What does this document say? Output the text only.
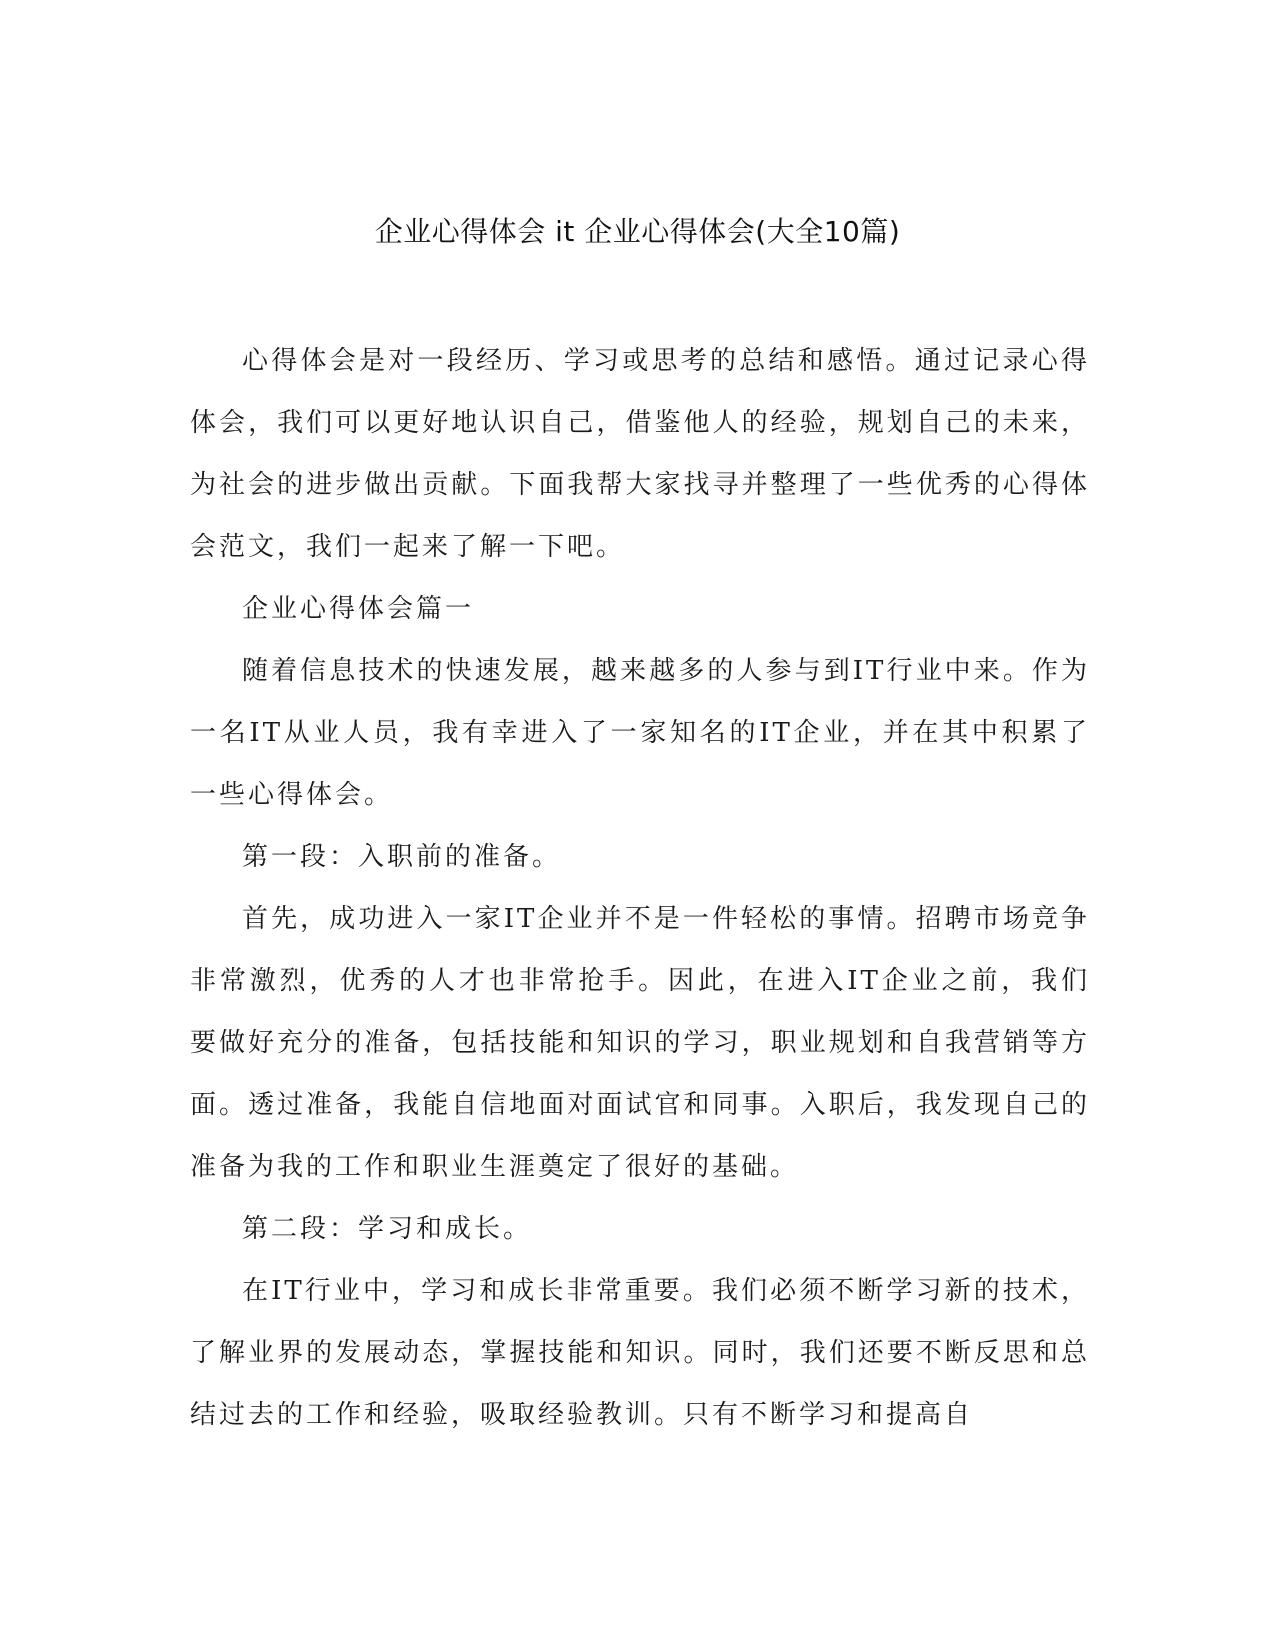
企业心得体会 it 企业心得体会(大全10篇)

心得体会是对一段经历、学习或思考的总结和感悟。通过记录心得体会，我们可以更好地认识自己，借鉴他人的经验，规划自己的未来，为社会的进步做出贡献。下面我帮大家找寻并整理了一些优秀的心得体会范文，我们一起来了解一下吧。

企业心得体会篇一

随着信息技术的快速发展，越来越多的人参与到IT行业中来。作为一名IT从业人员，我有幸进入了一家知名的IT企业，并在其中积累了一些心得体会。

第一段：入职前的准备。

首先，成功进入一家IT企业并不是一件轻松的事情。招聘市场竞争非常激烈，优秀的人才也非常抢手。因此，在进入IT企业之前，我们要做好充分的准备，包括技能和知识的学习，职业规划和自我营销等方面。透过准备，我能自信地面对面试官和同事。入职后，我发现自己的准备为我的工作和职业生涯奠定了很好的基础。

第二段：学习和成长。

在IT行业中，学习和成长非常重要。我们必须不断学习新的技术，了解业界的发展动态，掌握技能和知识。同时，我们还要不断反思和总结过去的工作和经验，吸取经验教训。只有不断学习和提高自
